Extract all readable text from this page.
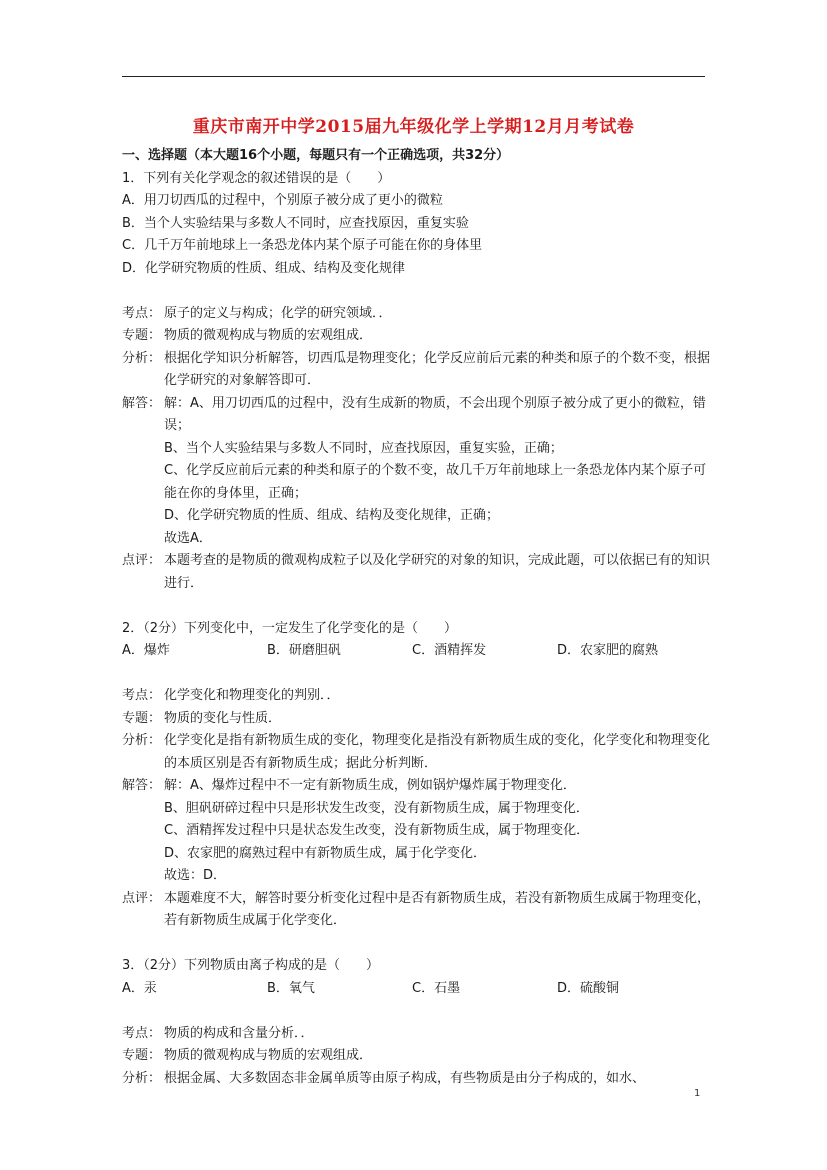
重庆市南开中学2015届九年级化学上学期12月月考试卷
一、选择题（本大题16个小题，每题只有一个正确选项，共32分）
1．下列有关化学观念的叙述错误的是（　　）
A．用刀切西瓜的过程中，个别原子被分成了更小的微粒
B．当个人实验结果与多数人不同时，应查找原因，重复实验
C．几千万年前地球上一条恐龙体内某个原子可能在你的身体里
D．化学研究物质的性质、组成、结构及变化规律
考点： 原子的定义与构成；化学的研究领域．．
专题： 物质的微观构成与物质的宏观组成．
分析： 根据化学知识分析解答，切西瓜是物理变化；化学反应前后元素的种类和原子的个数不变，根据化学研究的对象解答即可．
解答： 解：A、用刀切西瓜的过程中，没有生成新的物质，不会出现个别原子被分成了更小的微粒，错误；
B、当个人实验结果与多数人不同时，应查找原因，重复实验，正确；
C、化学反应前后元素的种类和原子的个数不变，故几千万年前地球上一条恐龙体内某个原子可能在你的身体里，正确；
D、化学研究物质的性质、组成、结构及变化规律，正确；
故选A．
点评： 本题考查的是物质的微观构成粒子以及化学研究的对象的知识，完成此题，可以依据已有的知识进行．
2．（2分）下列变化中，一定发生了化学变化的是（　　）
A．爆炸	B．研磨胆矾	C．酒精挥发	D．农家肥的腐熟
考点： 化学变化和物理变化的判别．．
专题： 物质的变化与性质．
分析： 化学变化是指有新物质生成的变化，物理变化是指没有新物质生成的变化，化学变化和物理变化的本质区别是否有新物质生成；据此分析判断．
解答： 解：A、爆炸过程中不一定有新物质生成，例如锅炉爆炸属于物理变化．
B、胆矾研碎过程中只是形状发生改变，没有新物质生成，属于物理变化．
C、酒精挥发过程中只是状态发生改变，没有新物质生成，属于物理变化．
D、农家肥的腐熟过程中有新物质生成，属于化学变化．
故选：D．
点评： 本题难度不大，解答时要分析变化过程中是否有新物质生成，若没有新物质生成属于物理变化，若有新物质生成属于化学变化．
3．（2分）下列物质由离子构成的是（　　）
A．汞	B．氧气	C．石墨	D．硫酸铜
考点： 物质的构成和含量分析．．
专题： 物质的微观构成与物质的宏观组成．
分析： 根据金属、大多数固态非金属单质等由原子构成，有些物质是由分子构成的，如水、
1
